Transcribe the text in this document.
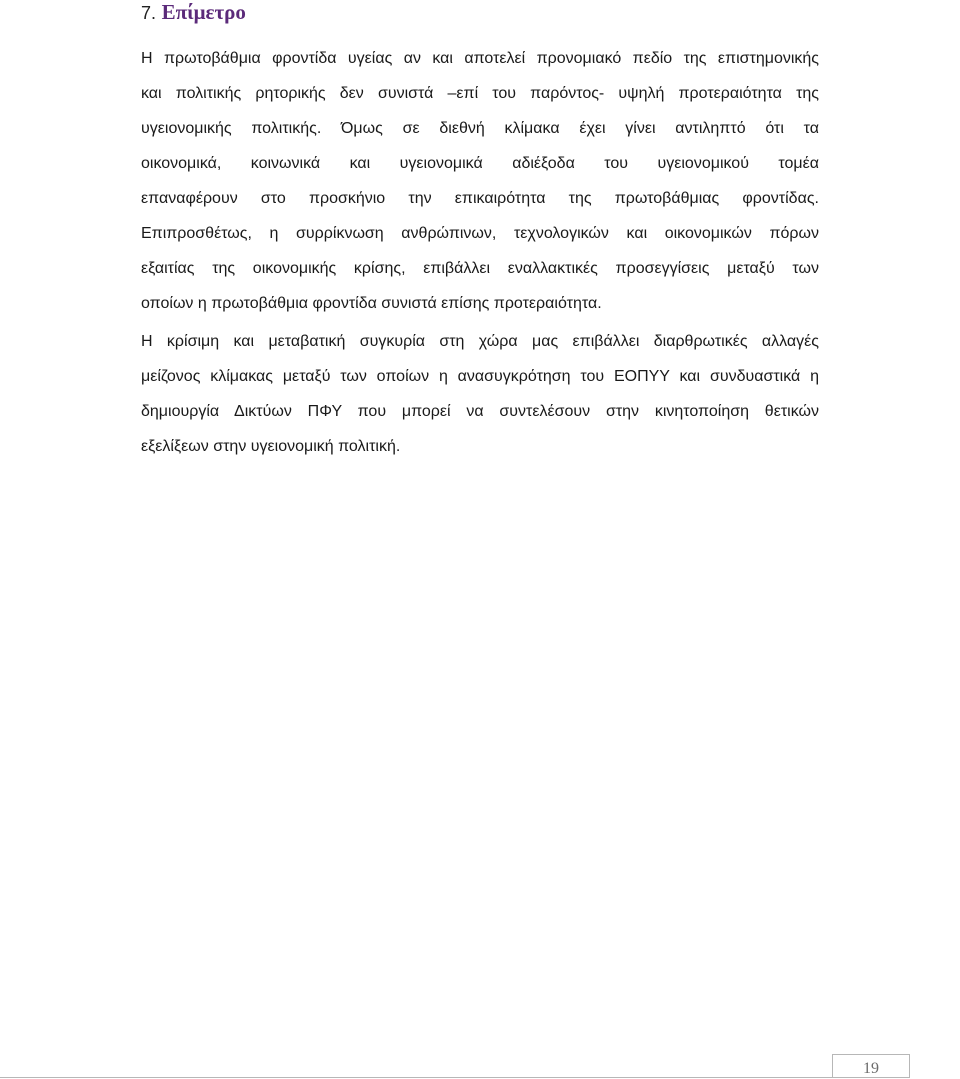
7. Επίμετρο
Η πρωτοβάθμια φροντίδα υγείας αν και αποτελεί προνομιακό πεδίο της επιστημονικής
και πολιτικής ρητορικής δεν συνιστά –επί του παρόντος- υψηλή προτεραιότητα της
υγειονομικής πολιτικής. Όμως σε διεθνή κλίμακα έχει γίνει αντιληπτό ότι τα
οικονομικά, κοινωνικά και υγειονομικά αδιέξοδα του υγειονομικού τομέα
επαναφέρουν στο προσκήνιο την επικαιρότητα της πρωτοβάθμιας φροντίδας.
Επιπροσθέτως, η συρρίκνωση ανθρώπινων, τεχνολογικών και οικονομικών πόρων
εξαιτίας της οικονομικής κρίσης, επιβάλλει εναλλακτικές προσεγγίσεις μεταξύ των
οποίων η πρωτοβάθμια φροντίδα συνιστά επίσης προτεραιότητα.
Η κρίσιμη και μεταβατική συγκυρία στη χώρα μας επιβάλλει διαρθρωτικές αλλαγές
μείζονος κλίμακας μεταξύ των οποίων η ανασυγκρότηση του ΕΟΠΥΥ και συνδυαστικά η
δημιουργία Δικτύων ΠΦΥ που μπορεί να συντελέσουν στην κινητοποίηση θετικών
εξελίξεων στην υγειονομική πολιτική.
19
